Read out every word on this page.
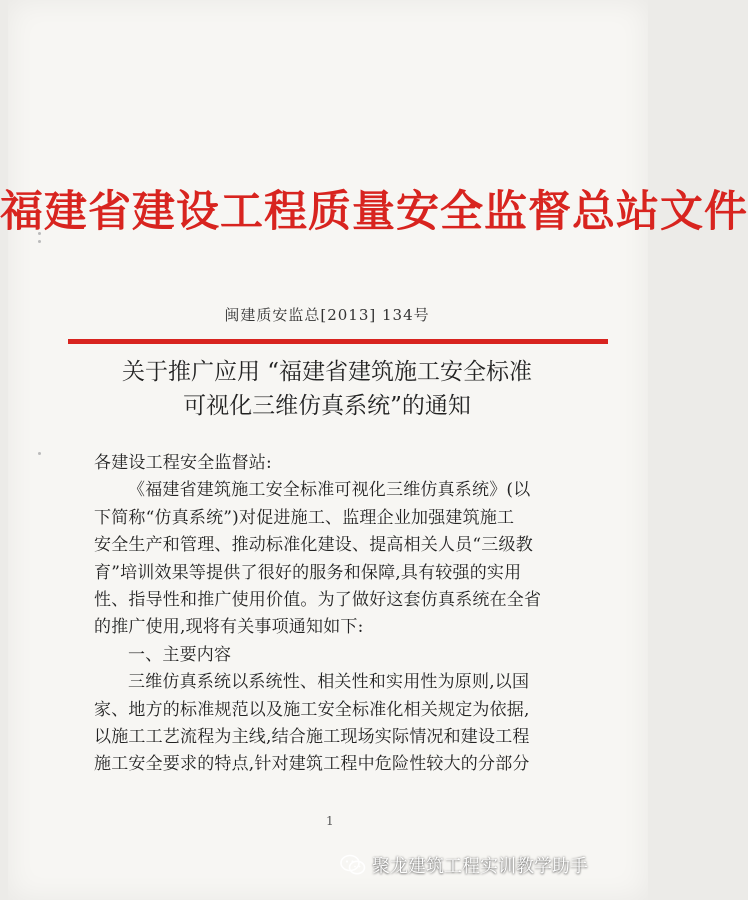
福建省建设工程质量安全监督总站文件
闽建质安监总[2013] 134号
关于推广应用 “福建省建筑施工安全标准
可视化三维仿真系统”的通知
各建设工程安全监督站:
《福建省建筑施工安全标准可视化三维仿真系统》(以
下简称“仿真系统”)对促进施工、监理企业加强建筑施工
安全生产和管理、推动标准化建设、提高相关人员“三级教
育”培训效果等提供了很好的服务和保障,具有较强的实用
性、指导性和推广使用价值。为了做好这套仿真系统在全省
的推广使用,现将有关事项通知如下:
一、主要内容
三维仿真系统以系统性、相关性和实用性为原则,以国
家、地方的标准规范以及施工安全标准化相关规定为依据,
以施工工艺流程为主线,结合施工现场实际情况和建设工程
施工安全要求的特点,针对建筑工程中危险性较大的分部分
1
聚龙建筑工程实训教学助手
